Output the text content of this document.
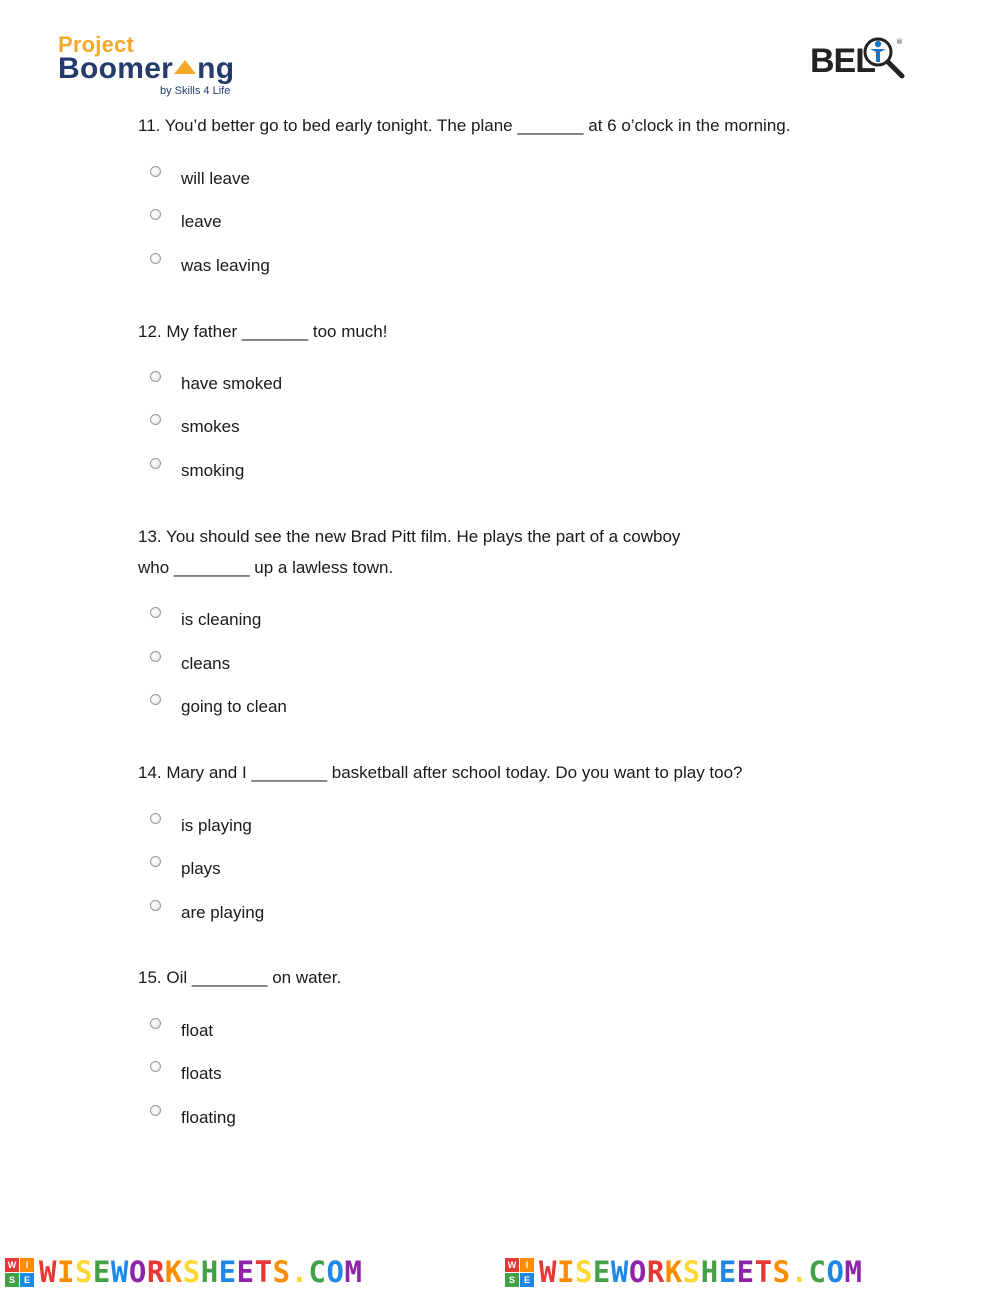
Project
Boomer ng
by Skills 4 Life
BEL	®

11. You’d better go to bed early tonight. The plane _______ at 6 o’clock in the morning.

will leave
leave
was leaving

12. My father _______ too much!

have smoked
smokes
smoking

13. You should see the new Brad Pitt film. He plays the part of a cowboy

who ________ up a lawless town.

is cleaning
cleans
going to clean

14. Mary and I ________ basketball after school today. Do you want to play too?

is playing
plays
are playing

15. Oil ________ on water.

float
floats
floating
W	I
S E WISEWORKSHEETS.COM	W	I
S E WISEWORKSHEETS.COM
